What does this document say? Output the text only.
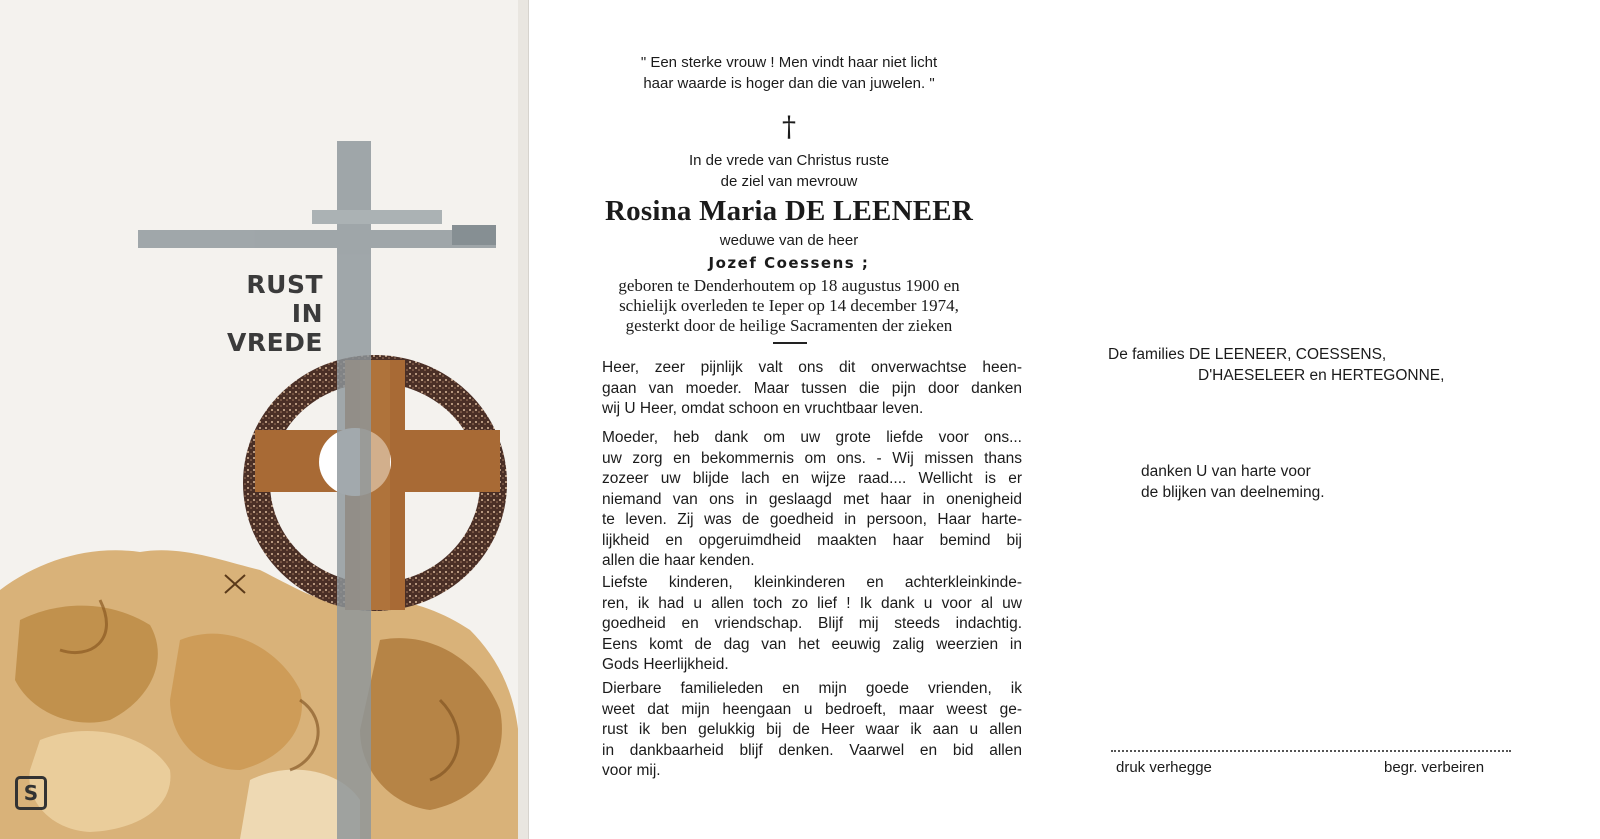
RUST
IN
VREDE
S
" Een sterke vrouw ! Men vindt haar niet licht
haar waarde is hoger dan die van juwelen. "
†
In de vrede van Christus ruste
de ziel van mevrouw
Rosina Maria DE LEENEER
weduwe van de heer
Jozef Coessens ;
geboren te Denderhoutem op 18 augustus 1900 en
schielijk overleden te Ieper op 14 december 1974,
gesterkt door de heilige Sacramenten der zieken
Heer, zeer pijnlijk valt ons dit onverwachtse heen-
gaan van moeder. Maar tussen die pijn door danken
wij U Heer, omdat schoon en vruchtbaar leven.
Moeder, heb dank om uw grote liefde voor ons...
uw zorg en bekommernis om ons. - Wij missen thans
zozeer uw blijde lach en wijze raad.... Wellicht is er
niemand van ons in geslaagd met haar in onenigheid
te leven. Zij was de goedheid in persoon, Haar harte-
lijkheid en opgeruimdheid maakten haar bemind bij
allen die haar kenden.
Liefste kinderen, kleinkinderen en achterkleinkinde-
ren, ik had u allen toch zo lief ! Ik dank u voor al uw
goedheid en vriendschap. Blijf mij steeds indachtig.
Eens komt de dag van het eeuwig zalig weerzien in
Gods Heerlijkheid.
Dierbare familieleden en mijn goede vrienden, ik
weet dat mijn heengaan u bedroeft, maar weest ge-
rust ik ben gelukkig bij de Heer waar ik aan u allen
in dankbaarheid blijf denken. Vaarwel en bid allen
voor mij.
De families DE LEENEER, COESSENS,
D'HAESELEER en HERTEGONNE,
danken U van harte voor
de blijken van deelneming.
druk verhegge	begr. verbeiren
